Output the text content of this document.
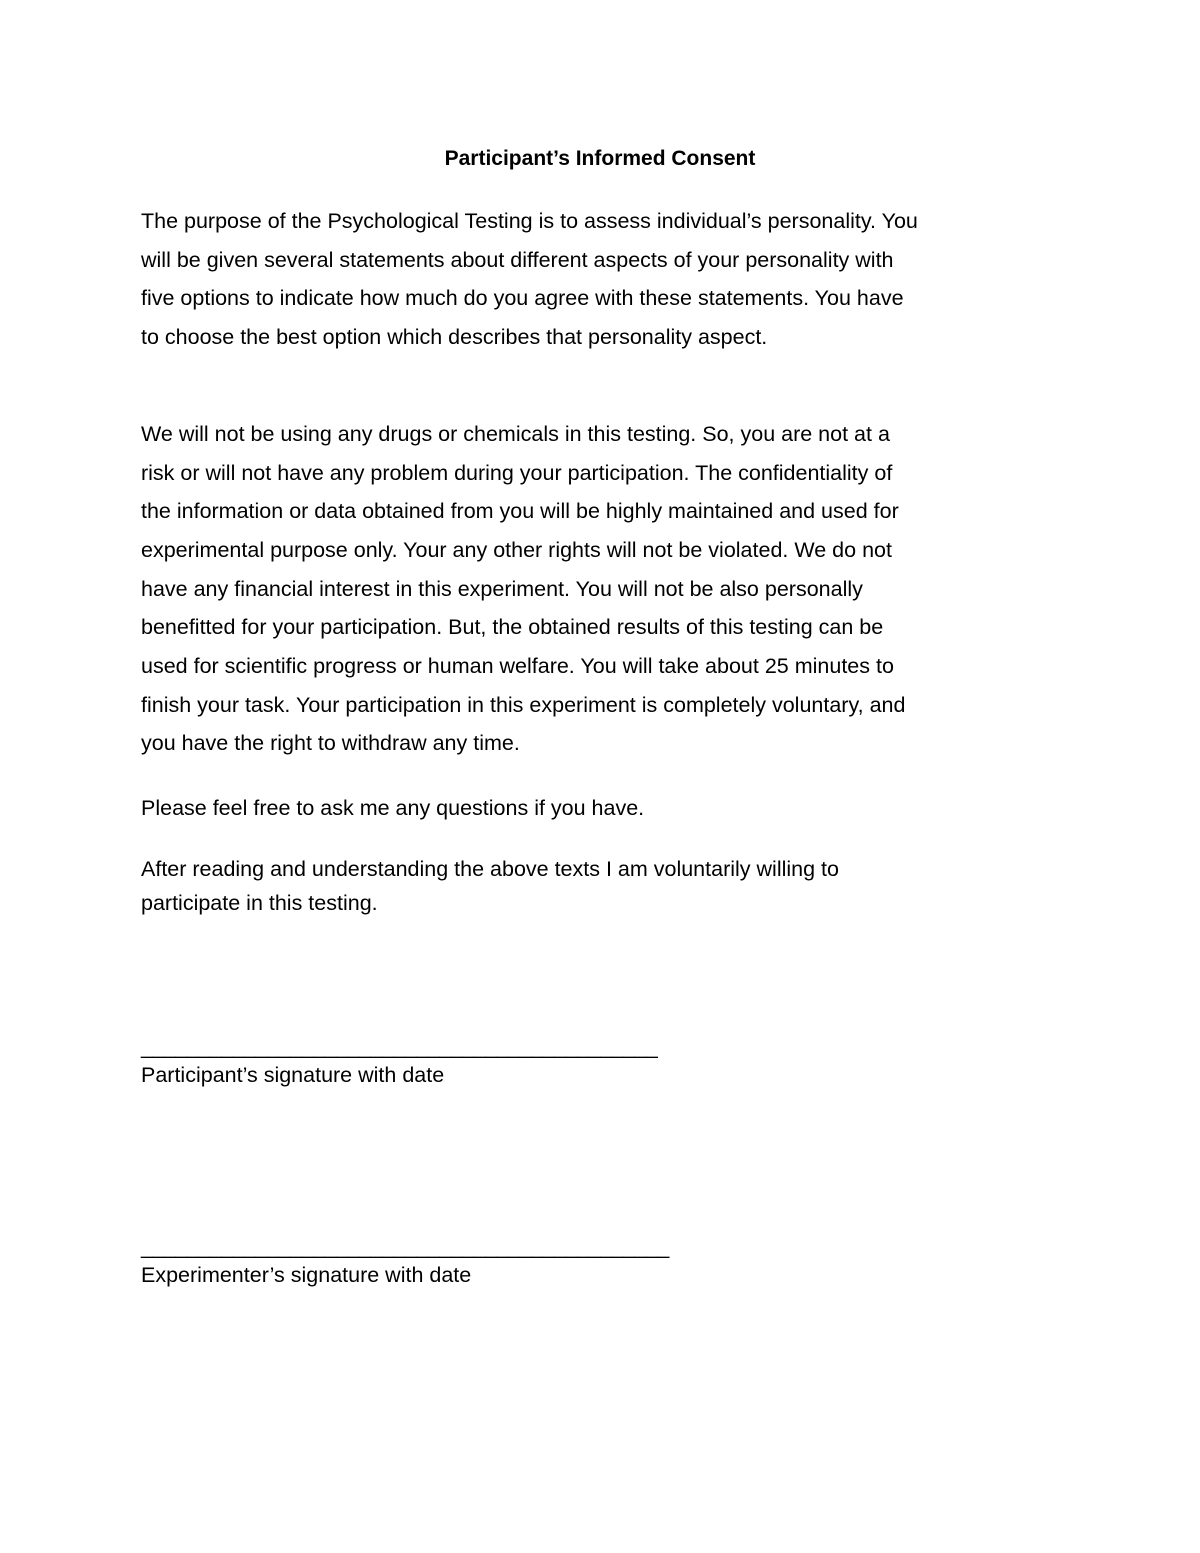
Participant’s Informed Consent
The purpose of the Psychological Testing is to assess individual’s personality. You
will be given several statements about different aspects of your personality with
five options to indicate how much do you agree with these statements. You have
to choose the best option which describes that personality aspect.
We will not be using any drugs or chemicals in this testing. So, you are not at a
risk or will not have any problem during your participation. The confidentiality of
the information or data obtained from you will be highly maintained and used for
experimental purpose only. Your any other rights will not be violated. We do not
have any financial interest in this experiment. You will not be also personally
benefitted for your participation. But, the obtained results of this testing can be
used for scientific progress or human welfare. You will take about 25 minutes to
finish your task. Your participation in this experiment is completely voluntary, and
you have the right to withdraw any time.
Please feel free to ask me any questions if you have.
After reading and understanding the above texts I am voluntarily willing to
participate in this testing.
_____________________________________________
Participant’s signature with date
______________________________________________
Experimenter’s signature with date
